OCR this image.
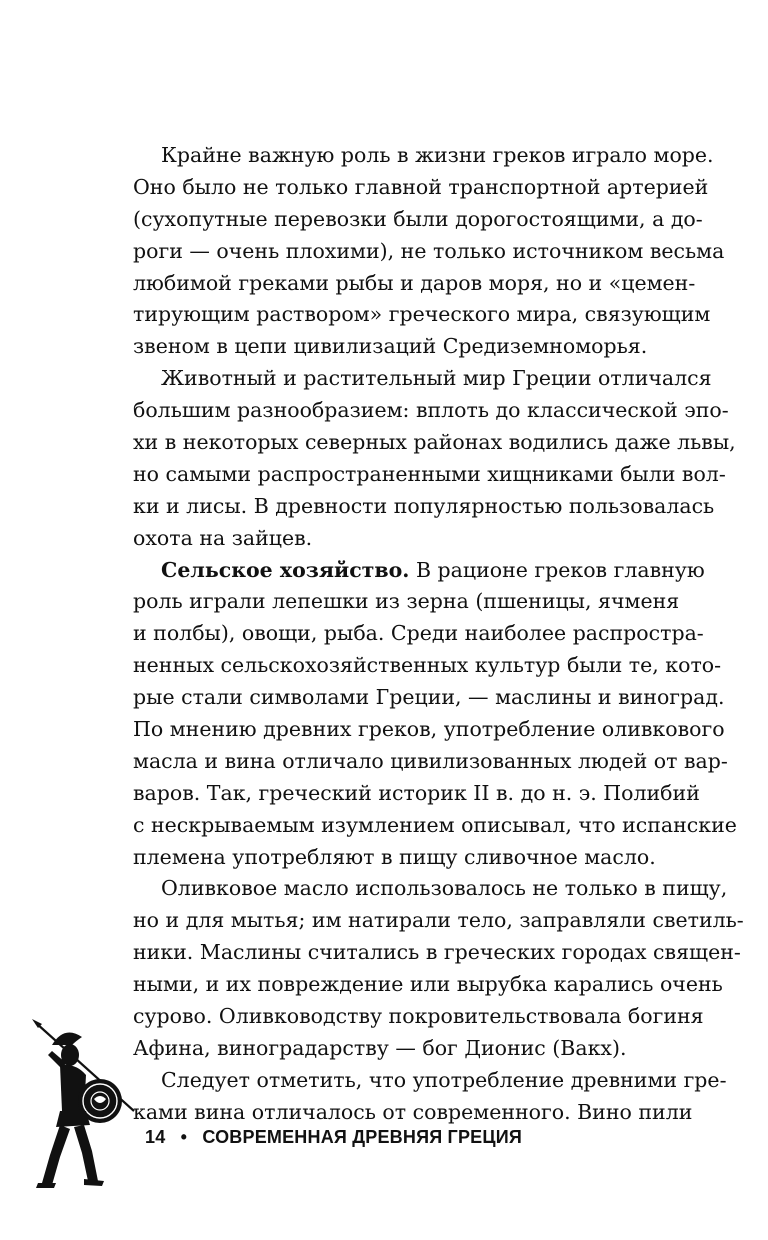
Крайне важную роль в жизни греков играло море.
Оно было не только главной транспортной артерией
(сухопутные перевозки были дорогостоящими, а до-
роги — очень плохими), не только источником весьма
любимой греками рыбы и даров моря, но и «цемен-
тирующим раствором» греческого мира, связующим
звеном в цепи цивилизаций Средиземноморья.
Животный и растительный мир Греции отличался
большим разнообразием: вплоть до классической эпо-
хи в некоторых северных районах водились даже львы,
но самыми распространенными хищниками были вол-
ки и лисы. В древности популярностью пользовалась
охота на зайцев.
Сельское хозяйство. В рационе греков главную
роль играли лепешки из зерна (пшеницы, ячменя
и полбы), овощи, рыба. Среди наиболее распростра-
ненных сельскохозяйственных культур были те, кото-
рые стали символами Греции, — маслины и виноград.
По мнению древних греков, употребление оливкового
масла и вина отличало цивилизованных людей от вар-
варов. Так, греческий историк II в. до н. э. Полибий
с нескрываемым изумлением описывал, что испанские
племена употребляют в пищу сливочное масло.
Оливковое масло использовалось не только в пищу,
но и для мытья; им натирали тело, заправляли светиль-
ники. Маслины считались в греческих городах священ-
ными, и их повреждение или вырубка карались очень
сурово. Оливководству покровительствовала богиня
Афина, виноградарству — бог Дионис (Вакх).
Следует отметить, что употребление древними гре-
ками вина отличалось от современного. Вино пили
14 • СОВРЕМЕННАЯ ДРЕВНЯЯ ГРЕЦИЯ
